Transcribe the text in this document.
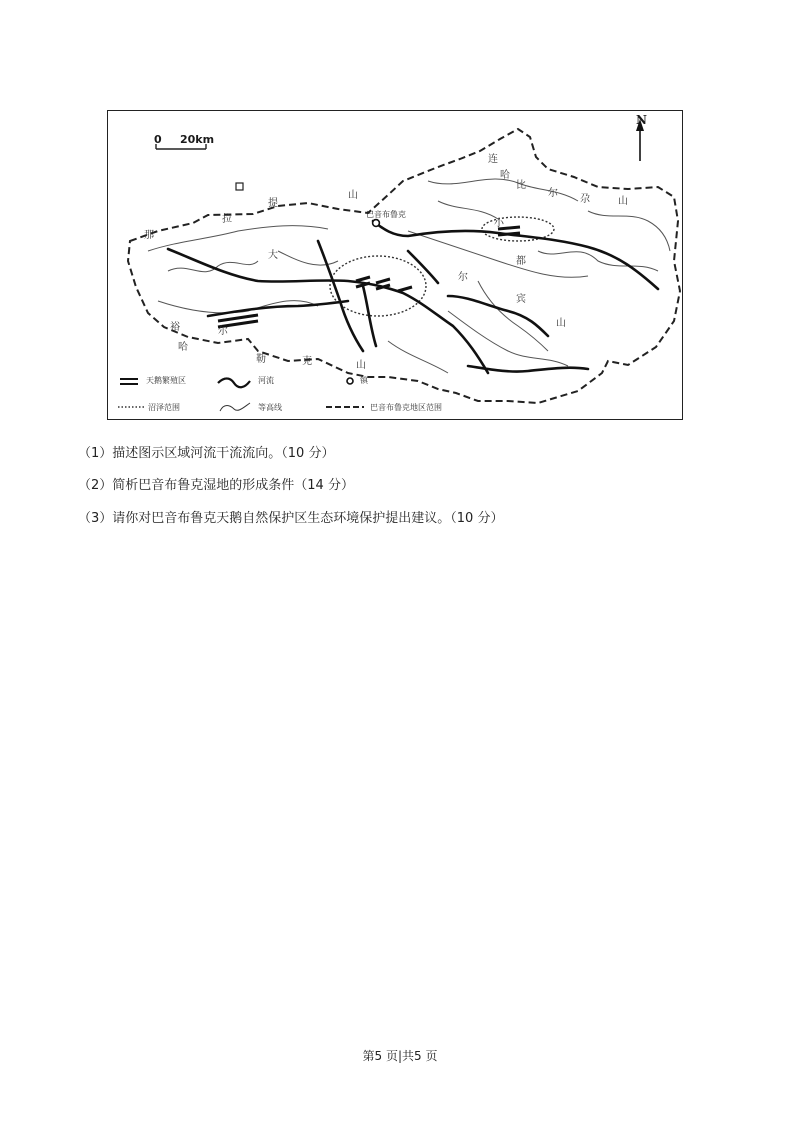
0 20km
N
连
哈
比
尔
尕	山
山
提
拉
那
大
小
尔
都
裕
哈
尔
勒	克	山
山
宾
巴音布鲁克
天鹅繁殖区	河流	镇
沼泽范围	等高线	巴音布鲁克地区范围
（1）描述图示区域河流干流流向。（10 分）
（2）简析巴音布鲁克湿地的形成条件（14 分）
（3）请你对巴音布鲁克天鹅自然保护区生态环境保护提出建议。（10 分）
第5 页|共5 页
